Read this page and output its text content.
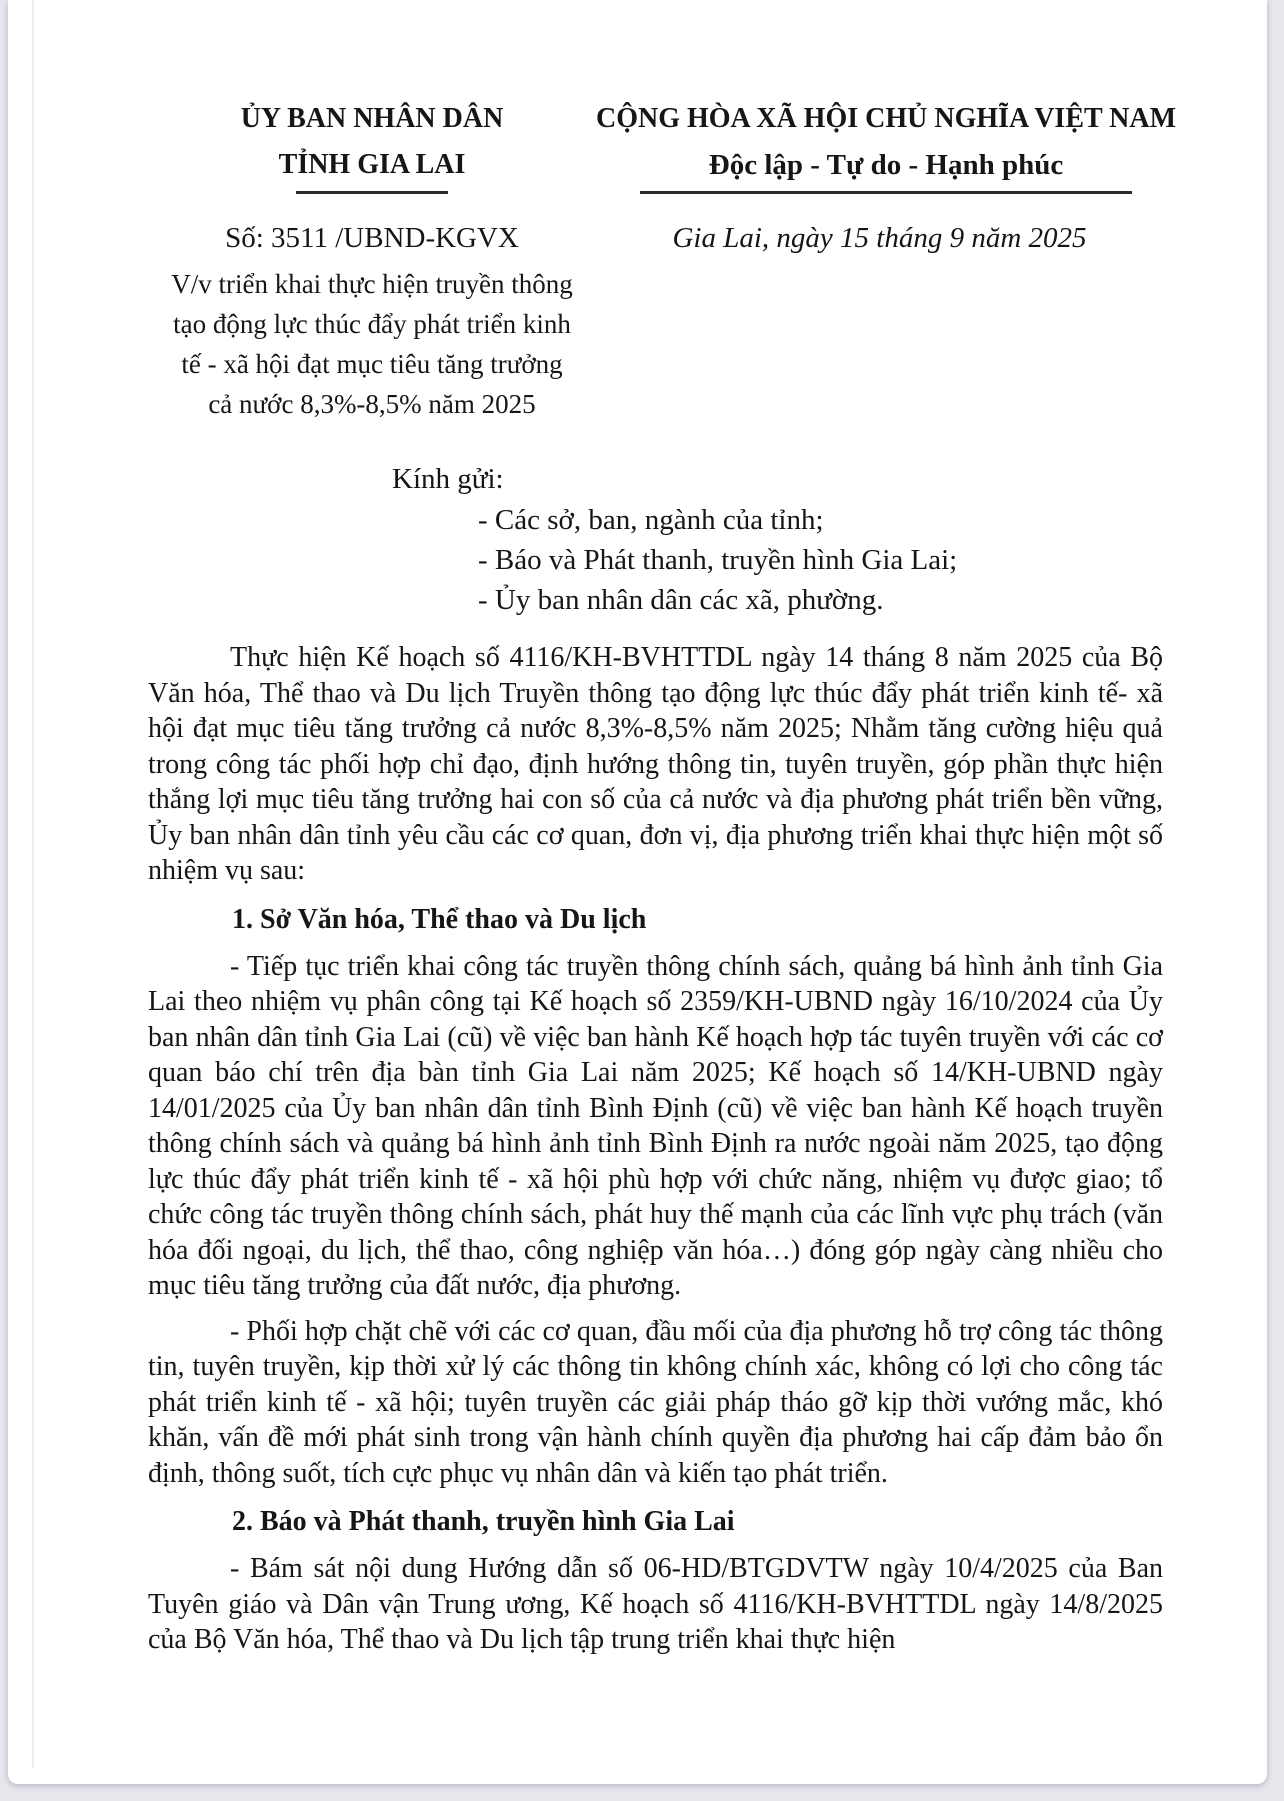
ỦY BAN NHÂN DÂN
TỈNH GIA LAI
CỘNG HÒA XÃ HỘI CHỦ NGHĨA VIỆT NAM
Độc lập - Tự do - Hạnh phúc
Số: 3511 /UBND-KGVX
V/v triển khai thực hiện truyền thông
tạo động lực thúc đẩy phát triển kinh
tế - xã hội đạt mục tiêu tăng trưởng
cả nước 8,3%-8,5% năm 2025
Gia Lai, ngày 15 tháng 9 năm 2025
Kính gửi:
- Các sở, ban, ngành của tỉnh;
- Báo và Phát thanh, truyền hình Gia Lai;
- Ủy ban nhân dân các xã, phường.

Thực hiện Kế hoạch số 4116/KH-BVHTTDL ngày 14 tháng 8 năm 2025 của Bộ Văn hóa, Thể thao và Du lịch Truyền thông tạo động lực thúc đẩy phát triển kinh tế- xã hội đạt mục tiêu tăng trưởng cả nước 8,3%-8,5% năm 2025; Nhằm tăng cường hiệu quả trong công tác phối hợp chỉ đạo, định hướng thông tin, tuyên truyền, góp phần thực hiện thắng lợi mục tiêu tăng trưởng hai con số của cả nước và địa phương phát triển bền vững, Ủy ban nhân dân tỉnh yêu cầu các cơ quan, đơn vị, địa phương triển khai thực hiện một số nhiệm vụ sau:

1. Sở Văn hóa, Thể thao và Du lịch

- Tiếp tục triển khai công tác truyền thông chính sách, quảng bá hình ảnh tỉnh Gia Lai theo nhiệm vụ phân công tại Kế hoạch số 2359/KH-UBND ngày 16/10/2024 của Ủy ban nhân dân tỉnh Gia Lai (cũ) về việc ban hành Kế hoạch hợp tác tuyên truyền với các cơ quan báo chí trên địa bàn tỉnh Gia Lai năm 2025; Kế hoạch số 14/KH-UBND ngày 14/01/2025 của Ủy ban nhân dân tỉnh Bình Định (cũ) về việc ban hành Kế hoạch truyền thông chính sách và quảng bá hình ảnh tỉnh Bình Định ra nước ngoài năm 2025, tạo động lực thúc đẩy phát triển kinh tế - xã hội phù hợp với chức năng, nhiệm vụ được giao; tổ chức công tác truyền thông chính sách, phát huy thế mạnh của các lĩnh vực phụ trách (văn hóa đối ngoại, du lịch, thể thao, công nghiệp văn hóa…) đóng góp ngày càng nhiều cho mục tiêu tăng trưởng của đất nước, địa phương.

- Phối hợp chặt chẽ với các cơ quan, đầu mối của địa phương hỗ trợ công tác thông tin, tuyên truyền, kịp thời xử lý các thông tin không chính xác, không có lợi cho công tác phát triển kinh tế - xã hội; tuyên truyền các giải pháp tháo gỡ kịp thời vướng mắc, khó khăn, vấn đề mới phát sinh trong vận hành chính quyền địa phương hai cấp đảm bảo ổn định, thông suốt, tích cực phục vụ nhân dân và kiến tạo phát triển.

2. Báo và Phát thanh, truyền hình Gia Lai

- Bám sát nội dung Hướng dẫn số 06-HD/BTGDVTW ngày 10/4/2025 của Ban Tuyên giáo và Dân vận Trung ương, Kế hoạch số 4116/KH-BVHTTDL ngày 14/8/2025 của Bộ Văn hóa, Thể thao và Du lịch tập trung triển khai thực hiện
